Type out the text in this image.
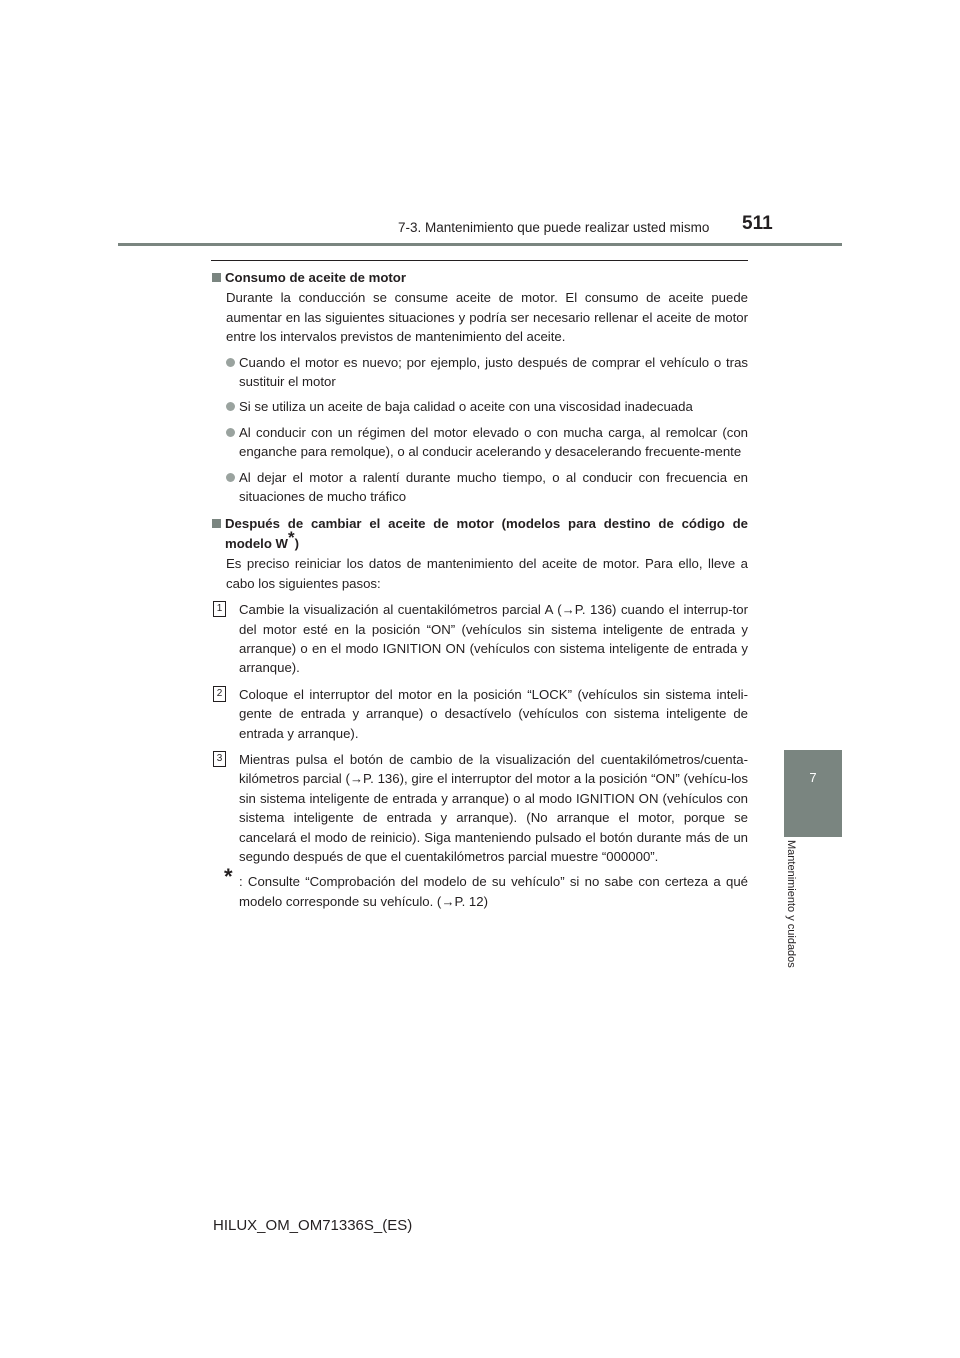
7-3. Mantenimiento que puede realizar usted mismo 511
7
Mantenimiento y cuidados
Consumo de aceite de motor
Durante la conducción se consume aceite de motor. El consumo de aceite puede aumentar en las siguientes situaciones y podría ser necesario rellenar el aceite de motor entre los intervalos previstos de mantenimiento del aceite.
Cuando el motor es nuevo; por ejemplo, justo después de comprar el vehículo o tras sustituir el motor
Si se utiliza un aceite de baja calidad o aceite con una viscosidad inadecuada
Al conducir con un régimen del motor elevado o con mucha carga, al remolcar (con enganche para remolque), o al conducir acelerando y desacelerando frecuente-mente
Al dejar el motor a ralentí durante mucho tiempo, o al conducir con frecuencia en situaciones de mucho tráfico
Después de cambiar el aceite de motor (modelos para destino de código de modelo W*)
Es preciso reiniciar los datos de mantenimiento del aceite de motor. Para ello, lleve a cabo los siguientes pasos:
1 Cambie la visualización al cuentakilómetros parcial A (→P. 136) cuando el interrup-tor del motor esté en la posición “ON” (vehículos sin sistema inteligente de entrada y arranque) o en el modo IGNITION ON (vehículos con sistema inteligente de entrada y arranque).
2 Coloque el interruptor del motor en la posición “LOCK” (vehículos sin sistema inteli-gente de entrada y arranque) o desactívelo (vehículos con sistema inteligente de entrada y arranque).
3 Mientras pulsa el botón de cambio de la visualización del cuentakilómetros/cuenta-kilómetros parcial (→P. 136), gire el interruptor del motor a la posición “ON” (vehícu-los sin sistema inteligente de entrada y arranque) o al modo IGNITION ON (vehículos con sistema inteligente de entrada y arranque). (No arranque el motor, porque se cancelará el modo de reinicio). Siga manteniendo pulsado el botón durante más de un segundo después de que el cuentakilómetros parcial muestre “000000”.
* : Consulte “Comprobación del modelo de su vehículo” si no sabe con certeza a qué modelo corresponde su vehículo. (→P. 12)
HILUX_OM_OM71336S_(ES)
